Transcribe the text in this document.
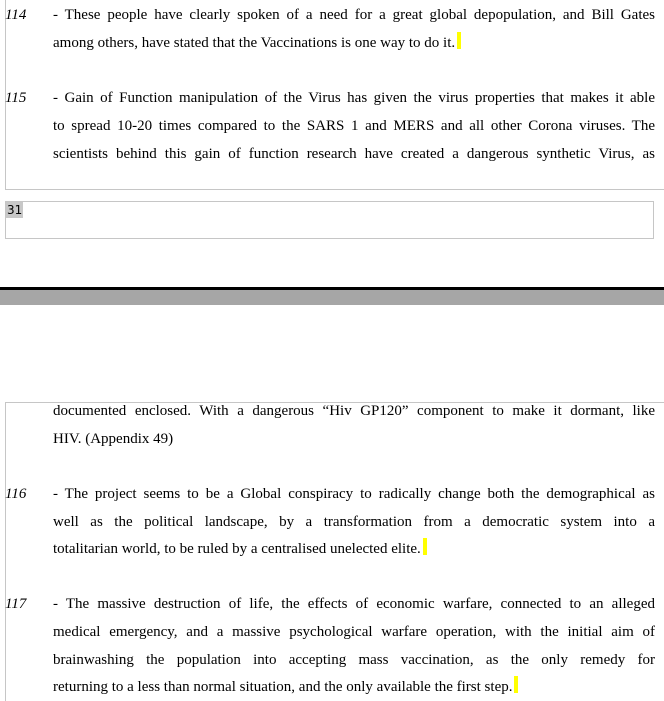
114 - These people have clearly spoken of a need for a great global depopulation, and Bill Gates
among others, have stated that the Vaccinations is one way to do it.
115 - Gain of Function manipulation of the Virus has given the virus properties that makes it able
to spread 10-20 times compared to the SARS 1 and MERS and all other Corona viruses. The
scientists behind this gain of function research have created a dangerous synthetic Virus, as
31
documented enclosed. With a dangerous “Hiv GP120” component to make it dormant, like
HIV. (Appendix 49)
116 - The project seems to be a Global conspiracy to radically change both the demographical as
well as the political landscape, by a transformation from a democratic system into a
totalitarian world, to be ruled by a centralised unelected elite.
117 - The massive destruction of life, the effects of economic warfare, connected to an alleged
medical emergency, and a massive psychological warfare operation, with the initial aim of
brainwashing the population into accepting mass vaccination, as the only remedy for
returning to a less than normal situation, and the only available the first step.
